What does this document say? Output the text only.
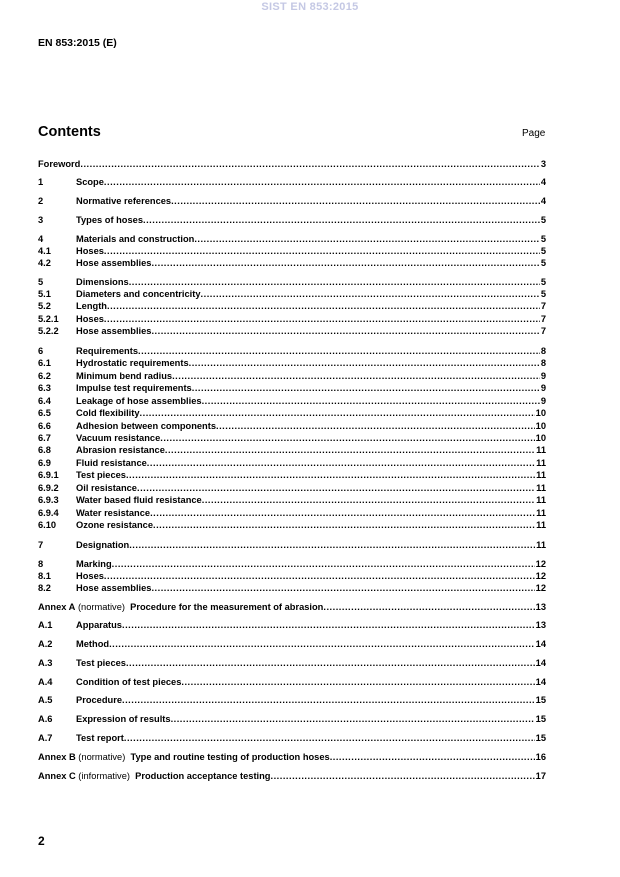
SIST EN 853:2015
EN 853:2015 (E)
Contents	Page
Foreword .....	3
1	Scope .....	4
2	Normative references .....	4
3	Types of hoses .....	5
4	Materials and construction .....	5
4.1	Hoses .....	5
4.2	Hose assemblies .....	5
5	Dimensions .....	5
5.1	Diameters and concentricity .....	5
5.2	Length .....	7
5.2.1	Hoses .....	7
5.2.2	Hose assemblies .....	7
6	Requirements .....	8
6.1	Hydrostatic requirements .....	8
6.2	Minimum bend radius .....	9
6.3	Impulse test requirements .....	9
6.4	Leakage of hose assemblies .....	9
6.5	Cold flexibility .....	10
6.6	Adhesion between components .....	10
6.7	Vacuum resistance .....	10
6.8	Abrasion resistance .....	11
6.9	Fluid resistance .....	11
6.9.1	Test pieces .....	11
6.9.2	Oil resistance .....	11
6.9.3	Water based fluid resistance .....	11
6.9.4	Water resistance .....	11
6.10	Ozone resistance .....	11
7	Designation .....	11
8	Marking .....	12
8.1	Hoses .....	12
8.2	Hose assemblies .....	12
Annex A (normative)  Procedure for the measurement of abrasion .....	13
A.1	Apparatus .....	13
A.2	Method .....	14
A.3	Test pieces .....	14
A.4	Condition of test pieces .....	14
A.5	Procedure .....	15
A.6	Expression of results .....	15
A.7	Test report .....	15
Annex B (normative)  Type and routine testing of production hoses .....	16
Annex C (informative)  Production acceptance testing .....	17
2
